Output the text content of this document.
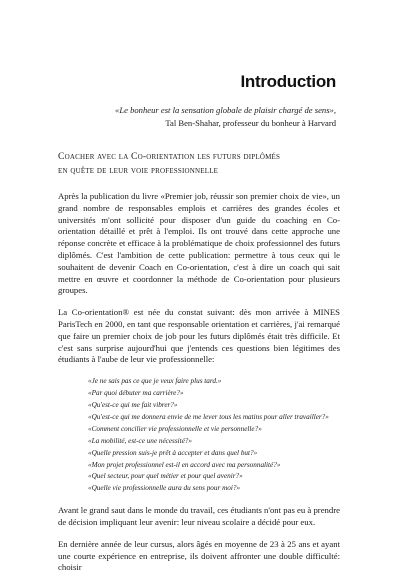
Introduction
«Le bonheur est la sensation globale de plaisir chargé de sens»,
Tal Ben-Shahar, professeur du bonheur à Harvard
Coacher avec la Co-orientation les futurs diplômés
en quête de leur voie professionnelle

Après la publication du livre «Premier job, réussir son premier choix de vie», un grand nombre de responsables emplois et carrières des grandes écoles et universités m'ont sollicité pour disposer d'un guide du coaching en Co-orientation détaillé et prêt à l'emploi. Ils ont trouvé dans cette approche une réponse concrète et efficace à la problématique de choix professionnel des futurs diplômés. C'est l'ambition de cette publication: permettre à tous ceux qui le souhaitent de devenir Coach en Co-orientation, c'est à dire un coach qui sait mettre en œuvre et coordonner la méthode de Co-orientation pour plusieurs groupes.

La Co-orientation® est née du constat suivant: dès mon arrivée à MINES ParisTech en 2000, en tant que responsable orientation et carrières, j'ai remarqué que faire un premier choix de job pour les futurs diplômés était très difficile. Et c'est sans surprise aujourd'hui que j'entends ces questions bien légitimes des étudiants à l'aube de leur vie professionnelle:

«Je ne sais pas ce que je veux faire plus tard.»
«Par quoi débuter ma carrière?»
«Qu'est-ce qui me fait vibrer?»
«Qu'est-ce qui me donnera envie de me lever tous les matins pour aller travailler?»
«Comment concilier vie professionnelle et vie personnelle?»
«La mobilité, est-ce une nécessité?»
«Quelle pression suis-je prêt à accepter et dans quel but?»
«Mon projet professionnel est-il en accord avec ma personnalité?»
«Quel secteur, pour quel métier et pour quel avenir?»
«Quelle vie professionnelle aura du sens pour moi?»

Avant le grand saut dans le monde du travail, ces étudiants n'ont pas eu à prendre de décision impliquant leur avenir: leur niveau scolaire a décidé pour eux.

En dernière année de leur cursus, alors âgés en moyenne de 23 à 25 ans et ayant une courte expérience en entreprise, ils doivent affronter une double difficulté: choisir
